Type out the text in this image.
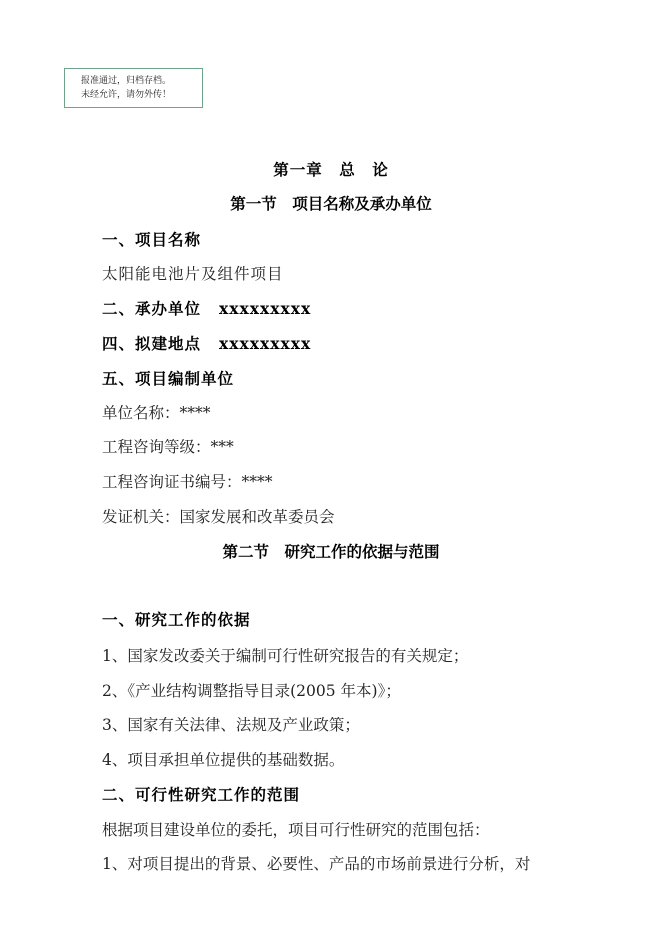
报准通过，归档存档。
未经允许，请勿外传！
第一章　总　论
第一节　项目名称及承办单位
一、项目名称
太阳能电池片及组件项目
二、承办单位 xxxxxxxxx
四、拟建地点 xxxxxxxxx
五、项目编制单位
单位名称：****
工程咨询等级：***
工程咨询证书编号：****
发证机关：国家发展和改革委员会
第二节　研究工作的依据与范围
一、研究工作的依据
1、国家发改委关于编制可行性研究报告的有关规定；
2、《产业结构调整指导目录(2005 年本)》；
3、国家有关法律、法规及产业政策；
4、项目承担单位提供的基础数据。
二、可行性研究工作的范围
根据项目建设单位的委托，项目可行性研究的范围包括：
1、对项目提出的背景、必要性、产品的市场前景进行分析，对
